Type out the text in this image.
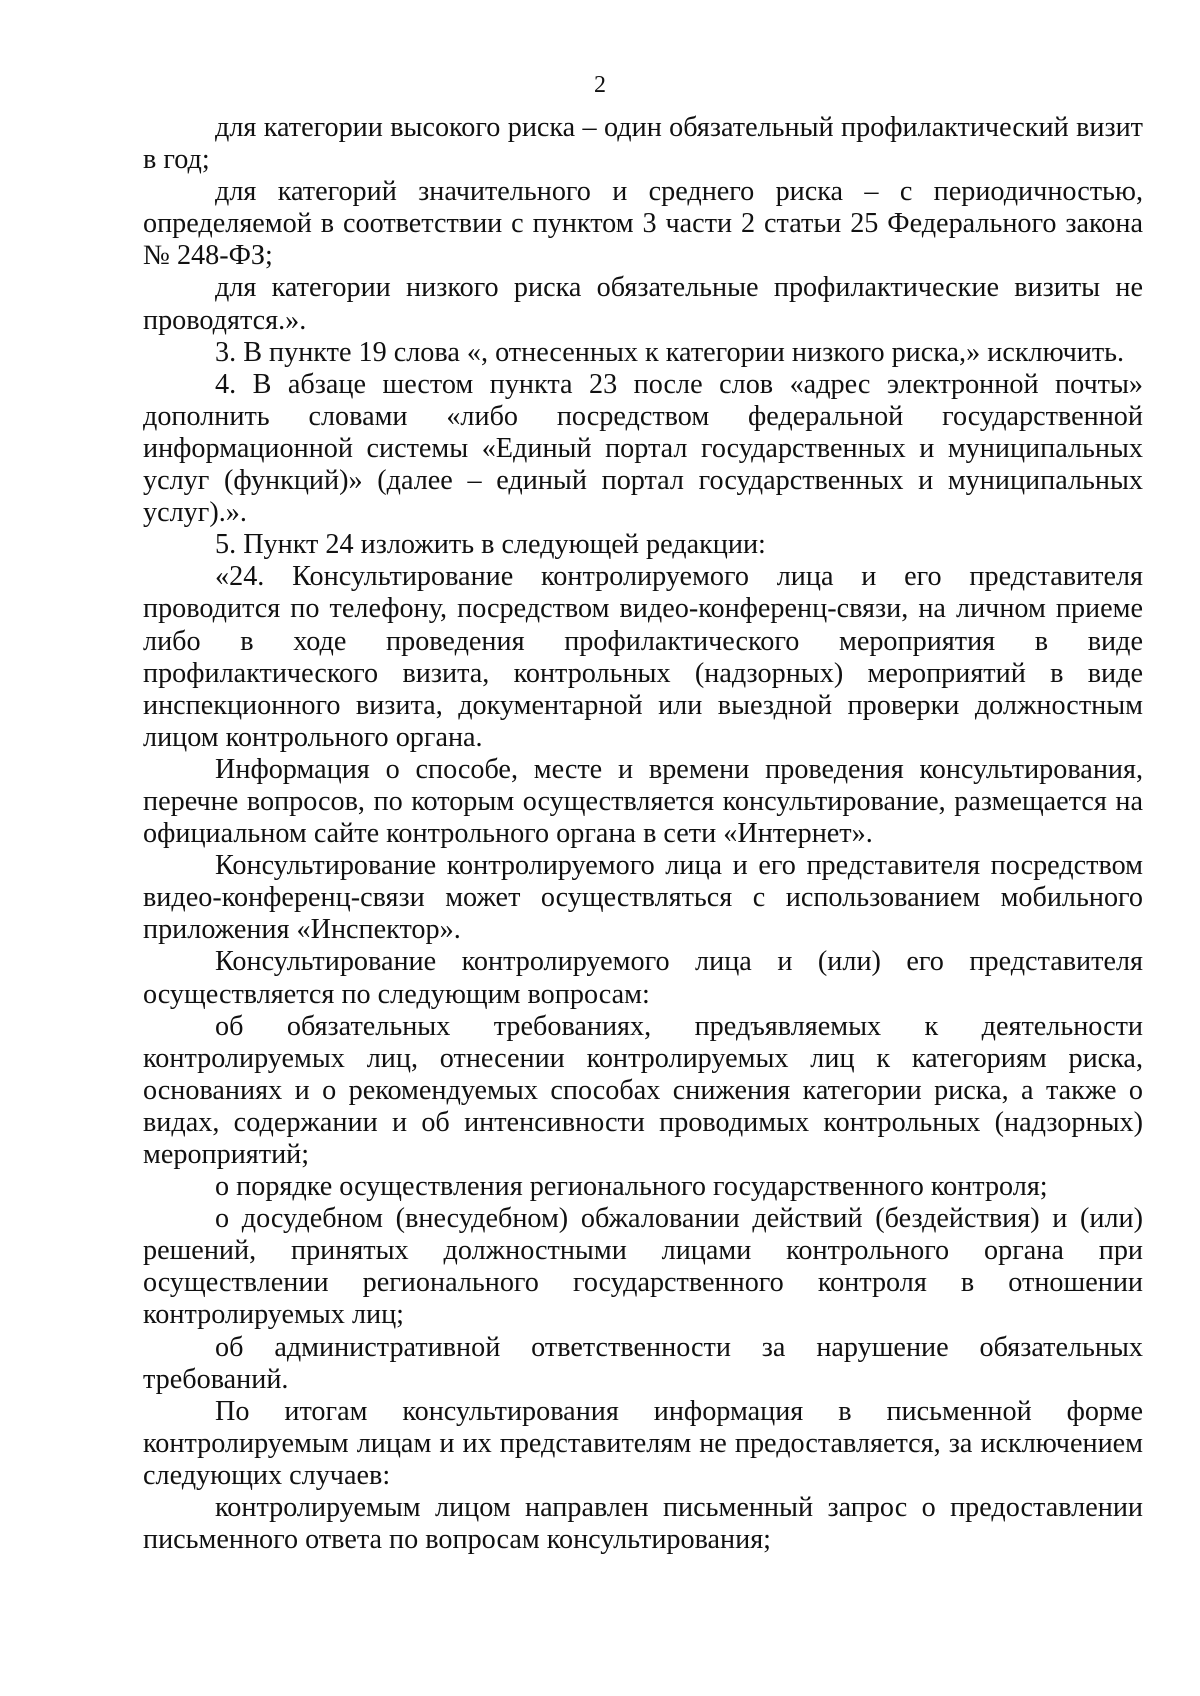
2

для категории высокого риска – один обязательный профилактический визит в год;

для категорий значительного и среднего риска – с периодичностью, определяемой в соответствии с пунктом 3 части 2 статьи 25 Федерального закона № 248-ФЗ;

для категории низкого риска обязательные профилактические визиты не проводятся.».

3. В пункте 19 слова «, отнесенных к категории низкого риска,» исключить.

4. В абзаце шестом пункта 23 после слов «адрес электронной почты» дополнить словами «либо посредством федеральной государственной информационной системы «Единый портал государственных и муниципальных услуг (функций)» (далее – единый портал государственных и муниципальных услуг).».

5. Пункт 24 изложить в следующей редакции:

«24. Консультирование контролируемого лица и его представителя проводится по телефону, посредством видео-конференц-связи, на личном приеме либо в ходе проведения профилактического мероприятия в виде профилактического визита, контрольных (надзорных) мероприятий в виде инспекционного визита, документарной или выездной проверки должностным лицом контрольного органа.

Информация о способе, месте и времени проведения консультирования, перечне вопросов, по которым осуществляется консультирование, размещается на официальном сайте контрольного органа в сети «Интернет».

Консультирование контролируемого лица и его представителя посредством видео-конференц-связи может осуществляться с использованием мобильного приложения «Инспектор».

Консультирование контролируемого лица и (или) его представителя осуществляется по следующим вопросам:

об обязательных требованиях, предъявляемых к деятельности контролируемых лиц, отнесении контролируемых лиц к категориям риска, основаниях и о рекомендуемых способах снижения категории риска, а также о видах, содержании и об интенсивности проводимых контрольных (надзорных) мероприятий;

о порядке осуществления регионального государственного контроля;

о досудебном (внесудебном) обжаловании действий (бездействия) и (или) решений, принятых должностными лицами контрольного органа при осуществлении регионального государственного контроля в отношении контролируемых лиц;

об административной ответственности за нарушение обязательных требований.

По итогам консультирования информация в письменной форме контролируемым лицам и их представителям не предоставляется, за исключением следующих случаев:

контролируемым лицом направлен письменный запрос о предоставлении письменного ответа по вопросам консультирования;
